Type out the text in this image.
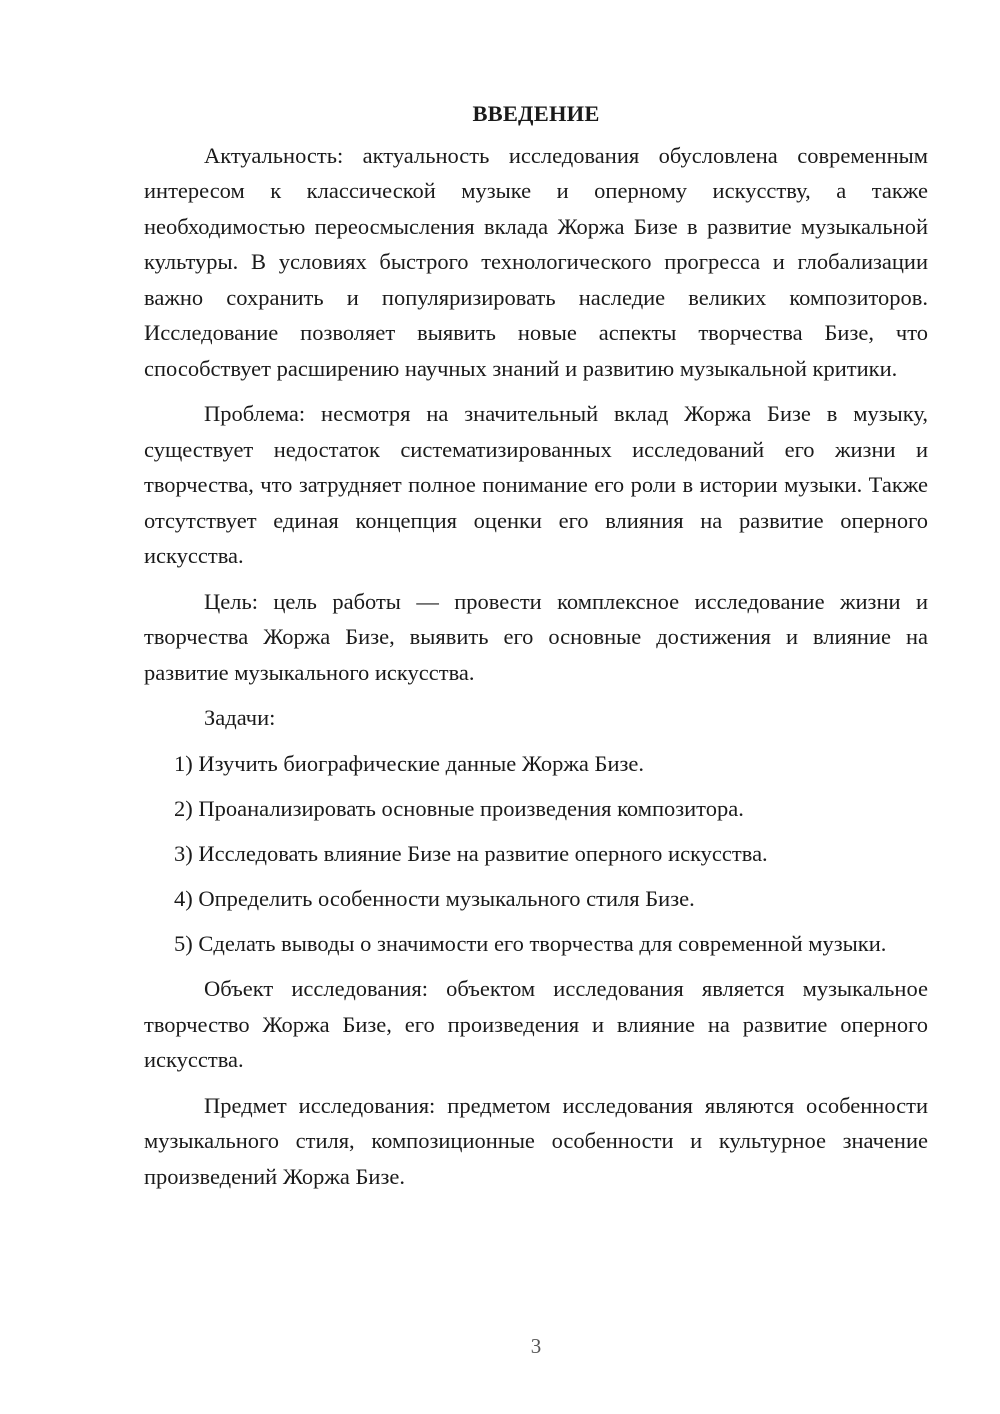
ВВЕДЕНИЕ

Актуальность: актуальность исследования обусловлена современным интересом к классической музыке и оперному искусству, а также необходимостью переосмысления вклада Жоржа Бизе в развитие музыкальной культуры. В условиях быстрого технологического прогресса и глобализации важно сохранить и популяризировать наследие великих композиторов. Исследование позволяет выявить новые аспекты творчества Бизе, что способствует расширению научных знаний и развитию музыкальной критики.

Проблема: несмотря на значительный вклад Жоржа Бизе в музыку, существует недостаток систематизированных исследований его жизни и творчества, что затрудняет полное понимание его роли в истории музыки. Также отсутствует единая концепция оценки его влияния на развитие оперного искусства.

Цель: цель работы — провести комплексное исследование жизни и творчества Жоржа Бизе, выявить его основные достижения и влияние на развитие музыкального искусства.

Задачи:

1) Изучить биографические данные Жоржа Бизе.
2) Проанализировать основные произведения композитора.
3) Исследовать влияние Бизе на развитие оперного искусства.
4) Определить особенности музыкального стиля Бизе.
5) Сделать выводы о значимости его творчества для современной музыки.

Объект исследования: объектом исследования является музыкальное творчество Жоржа Бизе, его произведения и влияние на развитие оперного искусства.

Предмет исследования: предметом исследования являются особенности музыкального стиля, композиционные особенности и культурное значение произведений Жоржа Бизе.

3
